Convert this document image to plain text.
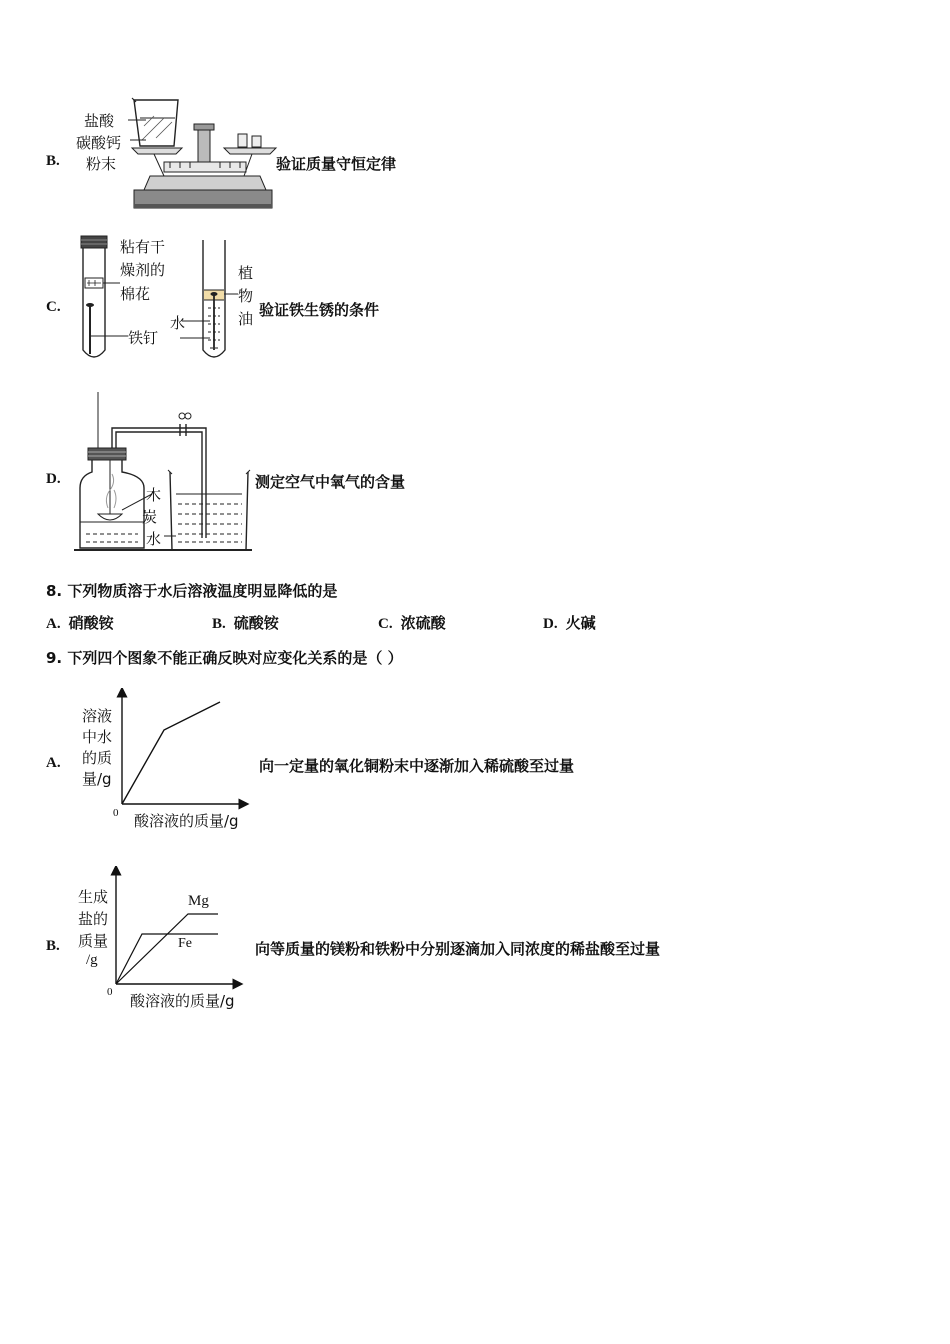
B.
盐酸
碳酸钙
粉末	验证质量守恒定律
C.
粘有干
燥剂的
棉花
铁钉
植
物
油
水
验证铁生锈的条件
D.
木
炭
水
测定空气中氧气的含量
8. 下列物质溶于水后溶液温度明显降低的是
A. 硝酸铵	B. 硫酸铵	C. 浓硫酸	D. 火碱
9. 下列四个图象不能正确反映对应变化关系的是（ ）
A.
溶液
中水
的质
量/g
0 酸溶液的质量/g
向一定量的氧化铜粉末中逐渐加入稀硫酸至过量
B.
生成
盐的
质量
/g
0 酸溶液的质量/g
Mg
Fe	向等质量的镁粉和铁粉中分别逐滴加入同浓度的稀盐酸至过量
